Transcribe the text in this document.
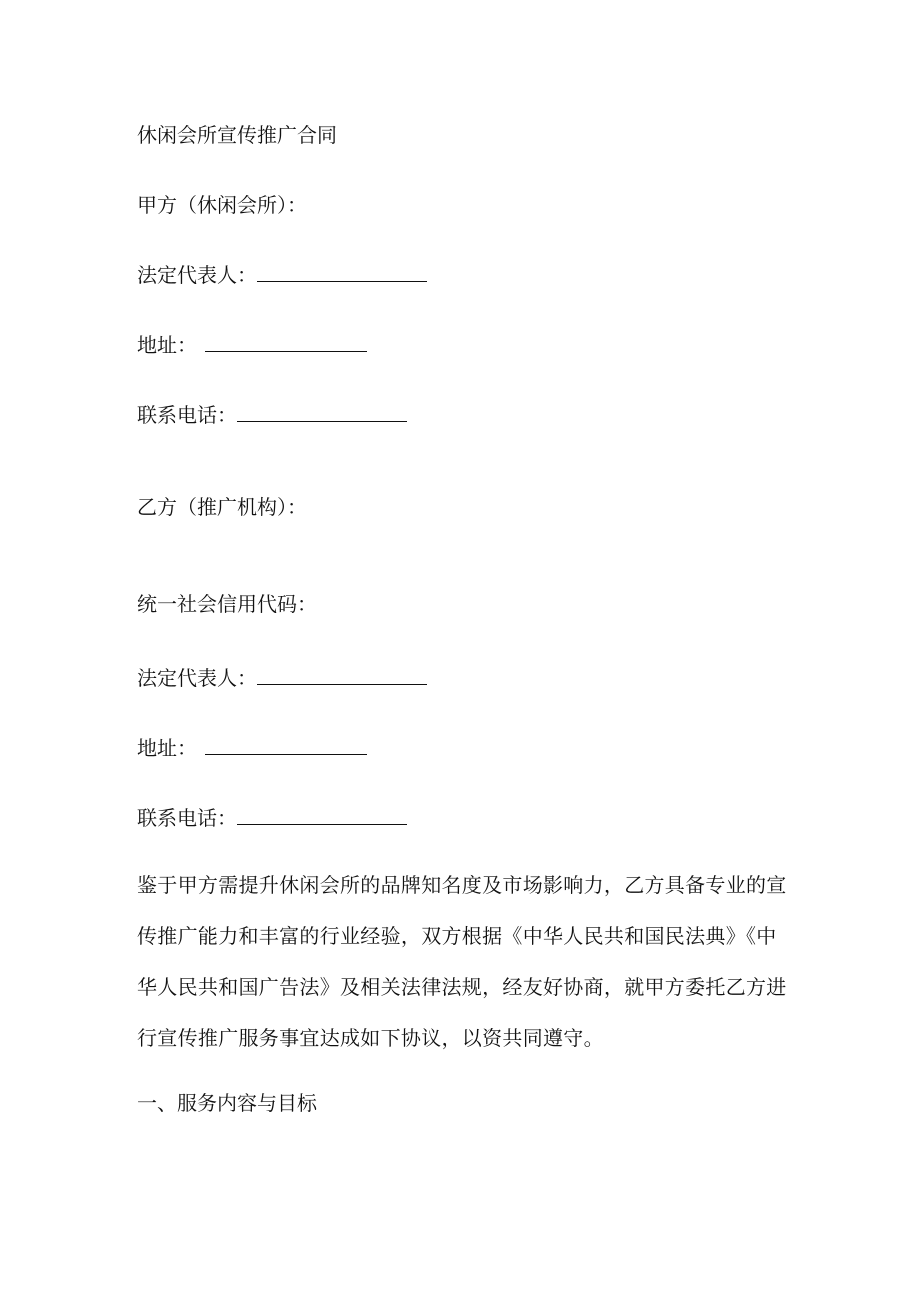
休闲会所宣传推广合同
甲方（休闲会所）：
法定代表人：
地址：
联系电话：
乙方（推广机构）：
统一社会信用代码：
法定代表人：
地址：
联系电话：
鉴于甲方需提升休闲会所的品牌知名度及市场影响力，乙方具备专业的宣
传推广能力和丰富的行业经验，双方根据《中华人民共和国民法典》《中
华人民共和国广告法》及相关法律法规，经友好协商，就甲方委托乙方进
行宣传推广服务事宜达成如下协议，以资共同遵守。
一、服务内容与目标
